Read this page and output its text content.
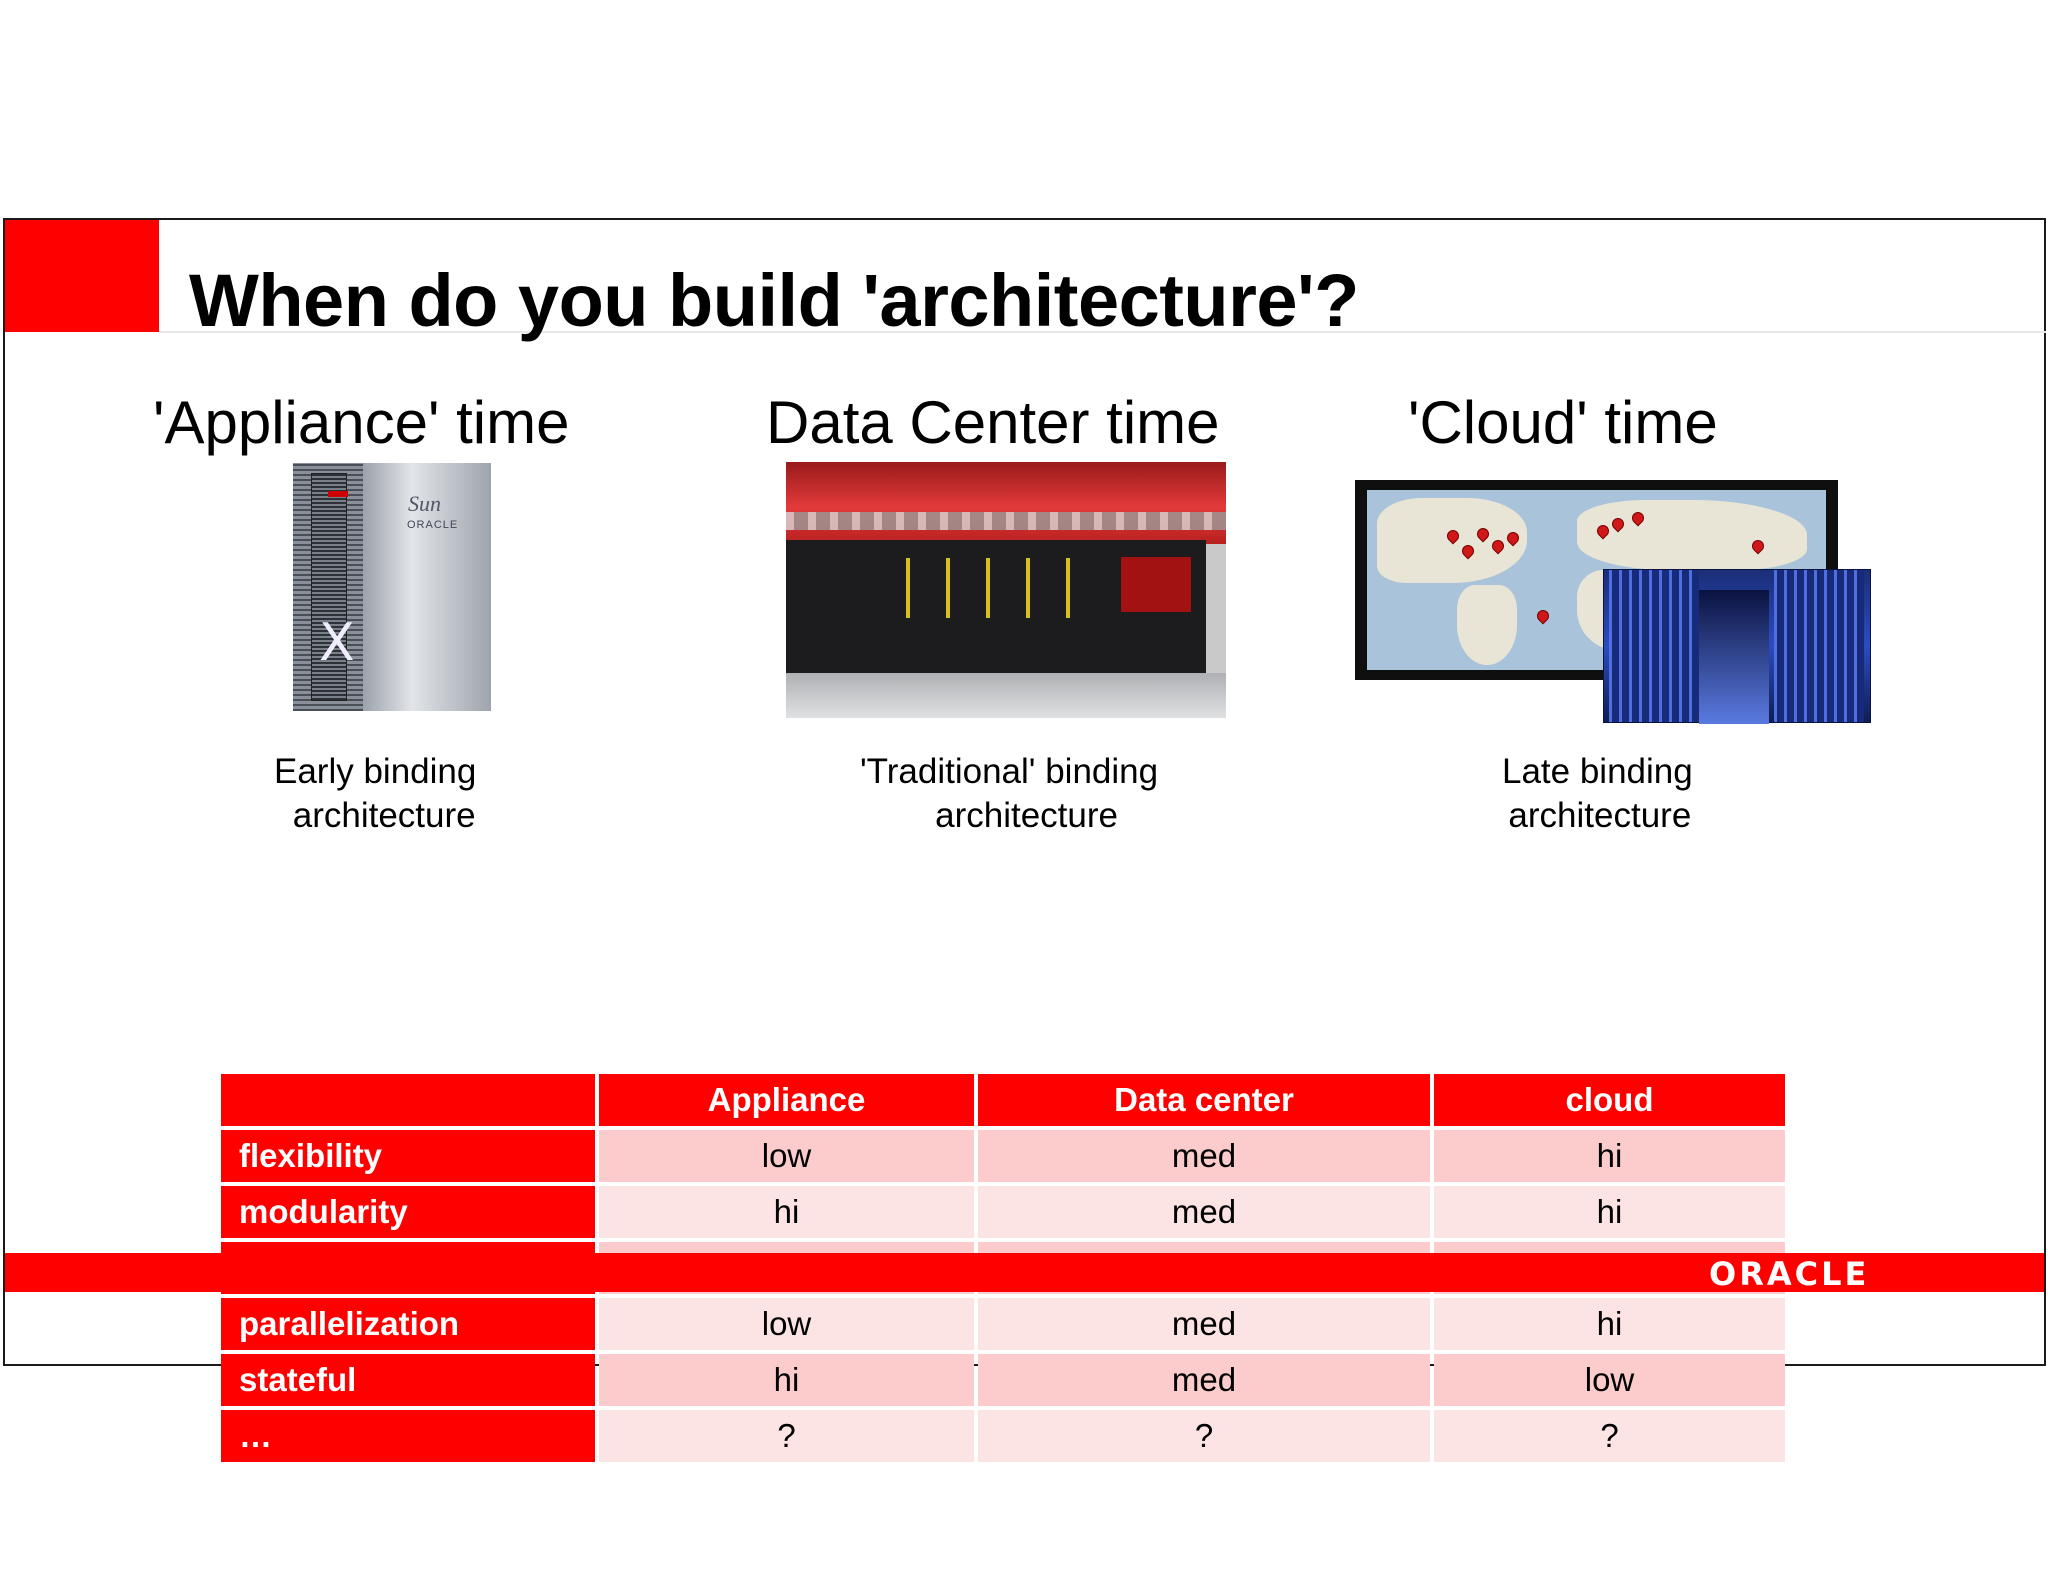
When do you build 'architecture'?
'Appliance' time	Data Center time	'Cloud' time
X
Sun
ORACLE
Early binding
architecture
'Traditional' binding
architecture
Late binding
architecture
	Appliance	Data center	cloud
flexibility	low	med	hi
modularity	hi	med	hi

parallelization	low	med	hi
stateful	hi	med	low
…	?	?	?
ORACLE
